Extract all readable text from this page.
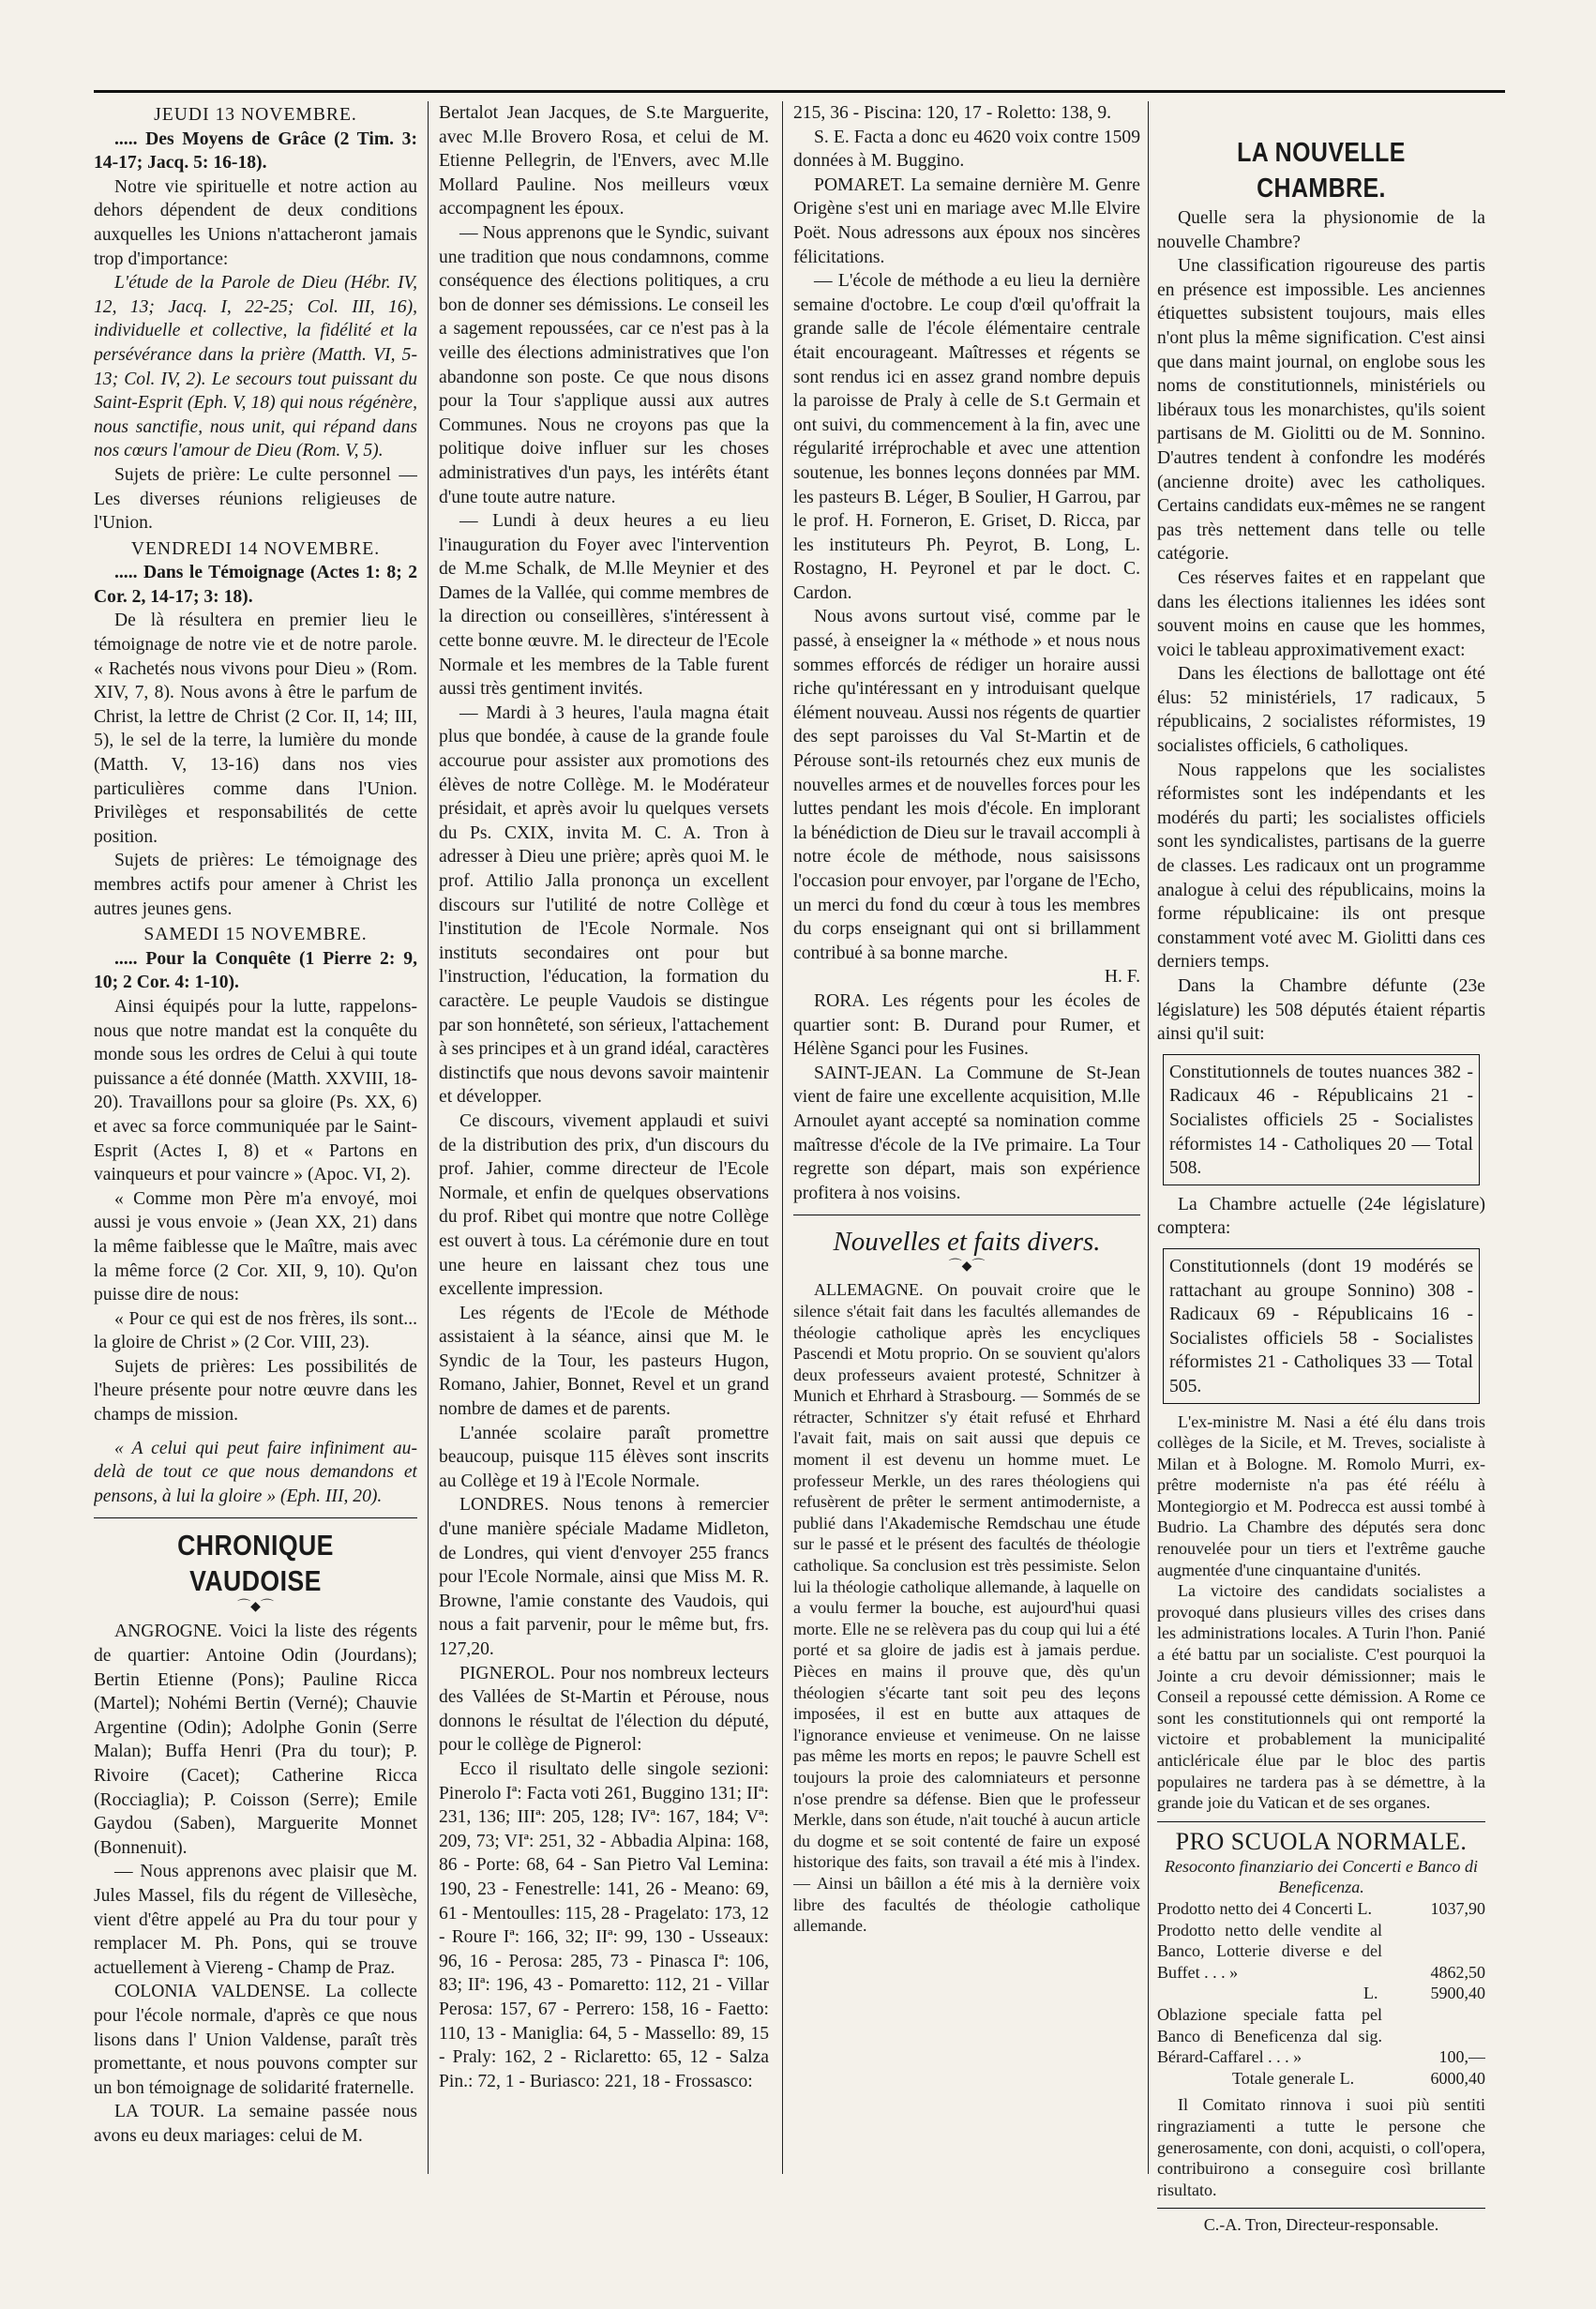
JEUDI 13 NOVEMBRE.

..... Des Moyens de Grâce (2 Tim. 3: 14-17; Jacq. 5: 16-18).

Notre vie spirituelle et notre action au dehors dépendent de deux conditions auxquelles les Unions n'attacheront jamais trop d'importance:

L'étude de la Parole de Dieu (Hébr. IV, 12, 13; Jacq. I, 22-25; Col. III, 16), individuelle et collective, la fidélité et la persévérance dans la prière (Matth. VI, 5-13; Col. IV, 2). Le secours tout puissant du Saint-Esprit (Eph. V, 18) qui nous régénère, nous sanctifie, nous unit, qui répand dans nos cœurs l'amour de Dieu (Rom. V, 5).

Sujets de prière: Le culte personnel — Les diverses réunions religieuses de l'Union.

VENDREDI 14 NOVEMBRE.

..... Dans le Témoignage (Actes 1: 8; 2 Cor. 2, 14-17; 3: 18).

De là résultera en premier lieu le témoignage de notre vie et de notre parole. « Rachetés nous vivons pour Dieu » (Rom. XIV, 7, 8). Nous avons à être le parfum de Christ, la lettre de Christ (2 Cor. II, 14; III, 5), le sel de la terre, la lumière du monde (Matth. V, 13-16) dans nos vies particulières comme dans l'Union. Privilèges et responsabilités de cette position.

Sujets de prières: Le témoignage des membres actifs pour amener à Christ les autres jeunes gens.

SAMEDI 15 NOVEMBRE.

..... Pour la Conquête (1 Pierre 2: 9, 10; 2 Cor. 4: 1-10).

Ainsi équipés pour la lutte, rappelons-nous que notre mandat est la conquête du monde sous les ordres de Celui à qui toute puissance a été donnée (Matth. XXVIII, 18-20). Travaillons pour sa gloire (Ps. XX, 6) et avec sa force communiquée par le Saint-Esprit (Actes I, 8) et « Partons en vainqueurs et pour vaincre » (Apoc. VI, 2).

« Comme mon Père m'a envoyé, moi aussi je vous envoie » (Jean XX, 21) dans la même faiblesse que le Maître, mais avec la même force (2 Cor. XII, 9, 10). Qu'on puisse dire de nous:

« Pour ce qui est de nos frères, ils sont... la gloire de Christ » (2 Cor. VIII, 23).

Sujets de prières: Les possibilités de l'heure présente pour notre œuvre dans les champs de mission.

« A celui qui peut faire infiniment au-delà de tout ce que nous demandons et pensons, à lui la gloire » (Eph. III, 20).

CHRONIQUE VAUDOISE
⌒◆⌒

ANGROGNE. Voici la liste des régents de quartier: Antoine Odin (Jourdans); Bertin Etienne (Pons); Pauline Ricca (Martel); Nohémi Bertin (Verné); Chauvie Argentine (Odin); Adolphe Gonin (Serre Malan); Buffa Henri (Pra du tour); P. Rivoire (Cacet); Catherine Ricca (Rocciaglia); P. Coisson (Serre); Emile Gaydou (Saben), Marguerite Monnet (Bonnenuit).

— Nous apprenons avec plaisir que M. Jules Massel, fils du régent de Villesèche, vient d'être appelé au Pra du tour pour y remplacer M. Ph. Pons, qui se trouve actuellement à Viereng - Champ de Praz.

COLONIA VALDENSE. La collecte pour l'école normale, d'après ce que nous lisons dans l' Union Valdense, paraît très promettante, et nous pouvons compter sur un bon témoignage de solidarité fraternelle.

LA TOUR. La semaine passée nous avons eu deux mariages: celui de M.

Bertalot Jean Jacques, de S.te Marguerite, avec M.lle Brovero Rosa, et celui de M. Etienne Pellegrin, de l'Envers, avec M.lle Mollard Pauline. Nos meilleurs vœux accompagnent les époux.

— Nous apprenons que le Syndic, suivant une tradition que nous condamnons, comme conséquence des élections politiques, a cru bon de donner ses démissions. Le conseil les a sagement repoussées, car ce n'est pas à la veille des élections administratives que l'on abandonne son poste. Ce que nous disons pour la Tour s'applique aussi aux autres Communes. Nous ne croyons pas que la politique doive influer sur les choses administratives d'un pays, les intérêts étant d'une toute autre nature.

— Lundi à deux heures a eu lieu l'inauguration du Foyer avec l'intervention de M.me Schalk, de M.lle Meynier et des Dames de la Vallée, qui comme membres de la direction ou conseillères, s'intéressent à cette bonne œuvre. M. le directeur de l'Ecole Normale et les membres de la Table furent aussi très gentiment invités.

— Mardi à 3 heures, l'aula magna était plus que bondée, à cause de la grande foule accourue pour assister aux promotions des élèves de notre Collège. M. le Modérateur présidait, et après avoir lu quelques versets du Ps. CXIX, invita M. C. A. Tron à adresser à Dieu une prière; après quoi M. le prof. Attilio Jalla prononça un excellent discours sur l'utilité de notre Collège et l'institution de l'Ecole Normale. Nos instituts secondaires ont pour but l'instruction, l'éducation, la formation du caractère. Le peuple Vaudois se distingue par son honnêteté, son sérieux, l'attachement à ses principes et à un grand idéal, caractères distinctifs que nous devons savoir maintenir et développer.

Ce discours, vivement applaudi et suivi de la distribution des prix, d'un discours du prof. Jahier, comme directeur de l'Ecole Normale, et enfin de quelques observations du prof. Ribet qui montre que notre Collège est ouvert à tous. La cérémonie dure en tout une heure en laissant chez tous une excellente impression.

Les régents de l'Ecole de Méthode assistaient à la séance, ainsi que M. le Syndic de la Tour, les pasteurs Hugon, Romano, Jahier, Bonnet, Revel et un grand nombre de dames et de parents.

L'année scolaire paraît promettre beaucoup, puisque 115 élèves sont inscrits au Collège et 19 à l'Ecole Normale.

LONDRES. Nous tenons à remercier d'une manière spéciale Madame Midleton, de Londres, qui vient d'envoyer 255 francs pour l'Ecole Normale, ainsi que Miss M. R. Browne, l'amie constante des Vaudois, qui nous a fait parvenir, pour le même but, frs. 127,20.

PIGNEROL. Pour nos nombreux lecteurs des Vallées de St-Martin et Pérouse, nous donnons le résultat de l'élection du député, pour le collège de Pignerol:

Ecco il risultato delle singole sezioni: Pinerolo Iª: Facta voti 261, Buggino 131; IIª: 231, 136; IIIª: 205, 128; IVª: 167, 184; Vª: 209, 73; VIª: 251, 32 - Abbadia Alpina: 168, 86 - Porte: 68, 64 - San Pietro Val Lemina: 190, 23 - Fenestrelle: 141, 26 - Meano: 69, 61 - Mentoulles: 115, 28 - Pragelato: 173, 12 - Roure Iª: 166, 32; IIª: 99, 130 - Usseaux: 96, 16 - Perosa: 285, 73 - Pinasca Iª: 106, 83; IIª: 196, 43 - Pomaretto: 112, 21 - Villar Perosa: 157, 67 - Perrero: 158, 16 - Faetto: 110, 13 - Maniglia: 64, 5 - Massello: 89, 15 - Praly: 162, 2 - Riclaretto: 65, 12 - Salza Pin.: 72, 1 - Buriasco: 221, 18 - Frossasco:

215, 36 - Piscina: 120, 17 - Roletto: 138, 9.

S. E. Facta a donc eu 4620 voix contre 1509 données à M. Buggino.

POMARET. La semaine dernière M. Genre Origène s'est uni en mariage avec M.lle Elvire Poët. Nous adressons aux époux nos sincères félicitations.

— L'école de méthode a eu lieu la dernière semaine d'octobre. Le coup d'œil qu'offrait la grande salle de l'école élémentaire centrale était encourageant. Maîtresses et régents se sont rendus ici en assez grand nombre depuis la paroisse de Praly à celle de S.t Germain et ont suivi, du commencement à la fin, avec une régularité irréprochable et avec une attention soutenue, les bonnes leçons données par MM. les pasteurs B. Léger, B Soulier, H Garrou, par le prof. H. Forneron, E. Griset, D. Ricca, par les instituteurs Ph. Peyrot, B. Long, L. Rostagno, H. Peyronel et par le doct. C. Cardon.

Nous avons surtout visé, comme par le passé, à enseigner la « méthode » et nous nous sommes efforcés de rédiger un horaire aussi riche qu'intéressant en y introduisant quelque élément nouveau. Aussi nos régents de quartier des sept paroisses du Val St-Martin et de Pérouse sont-ils retournés chez eux munis de nouvelles armes et de nouvelles forces pour les luttes pendant les mois d'école. En implorant la bénédiction de Dieu sur le travail accompli à notre école de méthode, nous saisissons l'occasion pour envoyer, par l'organe de l'Echo, un merci du fond du cœur à tous les membres du corps enseignant qui ont si brillamment contribué à sa bonne marche.

H. F.

RORA. Les régents pour les écoles de quartier sont: B. Durand pour Rumer, et Hélène Sganci pour les Fusines.

SAINT-JEAN. La Commune de St-Jean vient de faire une excellente acquisition, M.lle Arnoulet ayant accepté sa nomination comme maîtresse d'école de la IVe primaire. La Tour regrette son départ, mais son expérience profitera à nos voisins.

Nouvelles et faits divers.
⌒◆⌒

ALLEMAGNE. On pouvait croire que le silence s'était fait dans les facultés allemandes de théologie catholique après les encycliques Pascendi et Motu proprio. On se souvient qu'alors deux professeurs avaient protesté, Schnitzer à Munich et Ehrhard à Strasbourg. — Sommés de se rétracter, Schnitzer s'y était refusé et Ehrhard l'avait fait, mais on sait aussi que depuis ce moment il est devenu un homme muet. Le professeur Merkle, un des rares théologiens qui refusèrent de prêter le serment antimoderniste, a publié dans l'Akademische Remdschau une étude sur le passé et le présent des facultés de théologie catholique. Sa conclusion est très pessimiste. Selon lui la théologie catholique allemande, à laquelle on a voulu fermer la bouche, est aujourd'hui quasi morte. Elle ne se relèvera pas du coup qui lui a été porté et sa gloire de jadis est à jamais perdue. Pièces en mains il prouve que, dès qu'un théologien s'écarte tant soit peu des leçons imposées, il est en butte aux attaques de l'ignorance envieuse et venimeuse. On ne laisse pas même les morts en repos; le pauvre Schell est toujours la proie des calomniateurs et personne n'ose prendre sa défense. Bien que le professeur Merkle, dans son étude, n'ait touché à aucun article du dogme et se soit contenté de faire un exposé historique des faits, son travail a été mis à l'index. — Ainsi un bâillon a été mis à la dernière voix libre des facultés de théologie catholique allemande.

LA NOUVELLE CHAMBRE.

Quelle sera la physionomie de la nouvelle Chambre?

Une classification rigoureuse des partis en présence est impossible. Les anciennes étiquettes subsistent toujours, mais elles n'ont plus la même signification. C'est ainsi que dans maint journal, on englobe sous les noms de constitutionnels, ministériels ou libéraux tous les monarchistes, qu'ils soient partisans de M. Giolitti ou de M. Sonnino. D'autres tendent à confondre les modérés (ancienne droite) avec les catholiques. Certains candidats eux-mêmes ne se rangent pas très nettement dans telle ou telle catégorie.

Ces réserves faites et en rappelant que dans les élections italiennes les idées sont souvent moins en cause que les hommes, voici le tableau approximativement exact:

Dans les élections de ballottage ont été élus: 52 ministériels, 17 radicaux, 5 républicains, 2 socialistes réformistes, 19 socialistes officiels, 6 catholiques.

Nous rappelons que les socialistes réformistes sont les indépendants et les modérés du parti; les socialistes officiels sont les syndicalistes, partisans de la guerre de classes. Les radicaux ont un programme analogue à celui des républicains, moins la forme républicaine: ils ont presque constamment voté avec M. Giolitti dans ces derniers temps.

Dans la Chambre défunte (23e législature) les 508 députés étaient répartis ainsi qu'il suit:

Constitutionnels de toutes nuances 382 - Radicaux 46 - Républicains 21 - Socialistes officiels 25 - Socialistes réformistes 14 - Catholiques 20 — Total 508.

La Chambre actuelle (24e législature) comptera:

Constitutionnels (dont 19 modérés se rattachant au groupe Sonnino) 308 - Radicaux 69 - Républicains 16 - Socialistes officiels 58 - Socialistes réformistes 21 - Catholiques 33 — Total 505.

L'ex-ministre M. Nasi a été élu dans trois collèges de la Sicile, et M. Treves, socialiste à Milan et à Bologne. M. Romolo Murri, ex-prêtre moderniste n'a pas été réélu à Montegiorgio et M. Podrecca est aussi tombé à Budrio. La Chambre des députés sera donc renouvelée pour un tiers et l'extrême gauche augmentée d'une cinquantaine d'unités.

La victoire des candidats socialistes a provoqué dans plusieurs villes des crises dans les administrations locales. A Turin l'hon. Panié a été battu par un socialiste. C'est pourquoi la Jointe a cru devoir démissionner; mais le Conseil a repoussé cette démission. A Rome ce sont les constitutionnels qui ont remporté la victoire et probablement la municipalité anticléricale élue par le bloc des partis populaires ne tardera pas à se démettre, à la grande joie du Vatican et de ses organes.

PRO SCUOLA NORMALE.
Resoconto finanziario dei Concerti e Banco di Beneficenza.
Prodotto netto dei 4 Concerti L.	1037,90
Prodotto netto delle vendite al Banco, Lotterie diverse e del Buffet . . . »	4862,50
L.	5900,40
Oblazione speciale fatta pel Banco di Beneficenza dal sig. Bérard-Caffarel . . . »	100,—
Totale generale L.	6000,40

Il Comitato rinnova i suoi più sentiti ringraziamenti a tutte le persone che generosamente, con doni, acquisti, o coll'opera, contribuirono a conseguire così brillante risultato.

C.-A. Tron, Directeur-responsable.
